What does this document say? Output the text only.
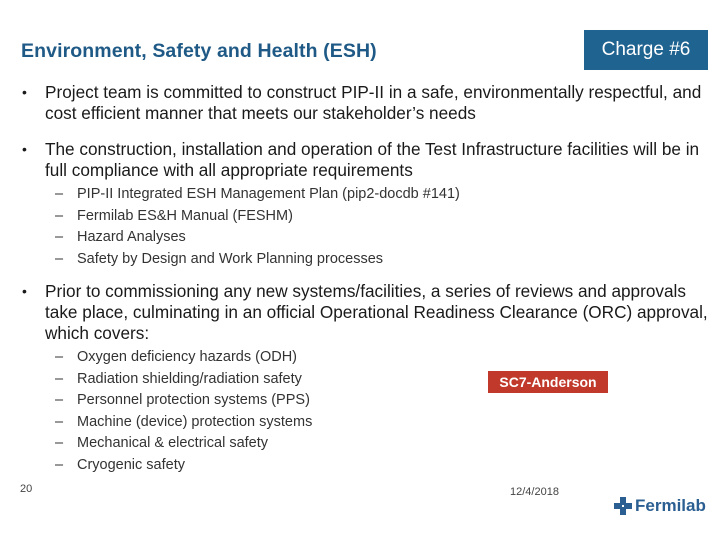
Environment, Safety and Health (ESH)	Charge #6
• Project team is committed to construct PIP-II in a safe, environmentally respectful, and cost efficient manner that meets our stakeholder’s needs
• The construction, installation and operation of the Test Infrastructure facilities will be in full compliance with all appropriate requirements
– PIP-II Integrated ESH Management Plan (pip2-docdb #141)
– Fermilab ES&H Manual (FESHM)
– Hazard Analyses
– Safety by Design and Work Planning processes
• Prior to commissioning any new systems/facilities, a series of reviews and approvals take place, culminating in an official Operational Readiness Clearance (ORC) approval, which covers:
– Oxygen deficiency hazards (ODH)
– Radiation shielding/radiation safety
– Personnel protection systems (PPS)
– Machine (device) protection systems
– Mechanical & electrical safety
– Cryogenic safety
SC7-Anderson
20	12/4/2018
Fermilab
